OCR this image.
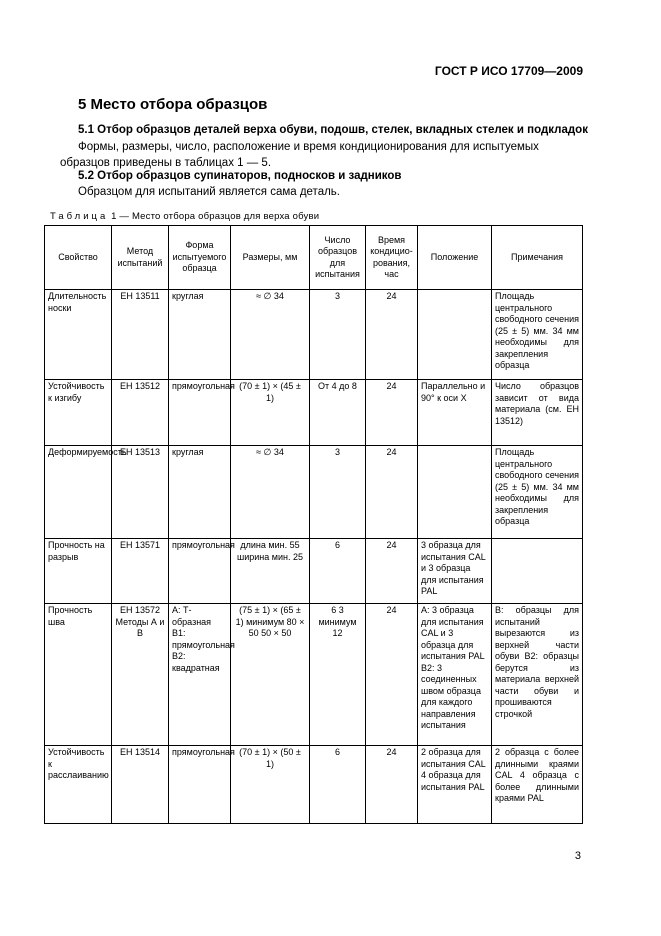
ГОСТ Р ИСО 17709—2009
5 Место отбора образцов
5.1 Отбор образцов деталей верха обуви, подошв, стелек, вкладных стелек и подкладок
Формы, размеры, число, расположение и время кондиционирования для испытуемых образцов приведены в таблицах 1 — 5.
5.2 Отбор образцов супинаторов, подносков и задников
Образцом для испытаний является сама деталь.
Таблица 1 — Место отбора образцов для верха обуви
Свойство	Метод испытаний	Форма испытуемого образца	Размеры, мм	Число образцов для испытания	Время кондицио-рования, час	Положение	Примечания
Длительность носки	ЕН 13511	круглая	≈ ∅ 34	3	24		Площадь центрального свободного сечения (25 ± 5) мм. 34 мм необходимы для закрепления образца
Устойчивость к изгибу	ЕН 13512	прямоугольная	(70 ± 1) × (45 ± 1)	От 4 до 8	24	Параллельно и 90° к оси X	Число образцов зависит от вида материала (см. ЕН 13512)
Деформируемость	ЕН 13513	круглая	≈ ∅ 34	3	24		Площадь центрального свободного сечения (25 ± 5) мм. 34 мм необходимы для закрепления образца
Прочность на разрыв	ЕН 13571	прямоугольная	длина мин. 55 ширина мин. 25	6	24	3 образца для испытания CAL и 3 образца для испытания PAL	
Прочность шва	ЕН 13572 Методы А и В	А: Т-образная В1: прямоугольная В2: квадратная	(75 ± 1) × (65 ± 1) минимум 80 × 50 50 × 50	6 3 минимум 12	24	А: 3 образца для испытания CAL и 3 образца для испытания PAL В2: 3 соединенных швом образца для каждого направления испытания	В: образцы для испытаний вырезаются из верхней части обуви В2: образцы берутся из материала верхней части обуви и прошиваются строчкой
Устойчивость к расслаиванию	ЕН 13514	прямоугольная	(70 ± 1) × (50 ± 1)	6	24	2 образца для испытания CAL 4 образца для испытания PAL	2 образца с более длинными краями CAL 4 образца с более длинными краями PAL
3
